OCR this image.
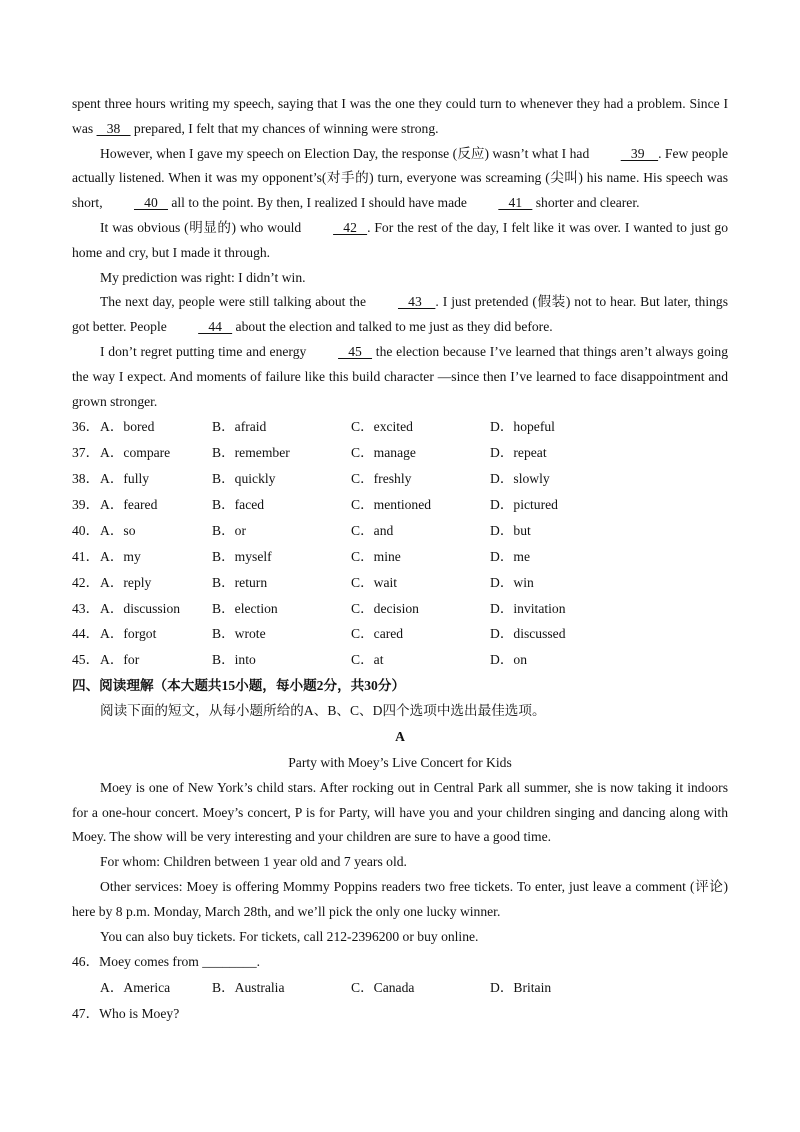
spent three hours writing my speech, saying that I was the one they could turn to whenever they had a problem. Since I was    38    prepared, I felt that my chances of winning were strong.

However, when I gave my speech on Election Day, the response (反应) wasn’t what I had    39    . Few people actually listened. When it was my opponent’s(对手的) turn, everyone was screaming (尖叫) his name. His speech was short,    40    all to the point. By then, I realized I should have made    41    shorter and clearer.

It was obvious (明显的) who would    42   . For the rest of the day, I felt like it was over. I wanted to just go home and cry, but I made it through.

My prediction was right: I didn’t win.

The next day, people were still talking about the    43    . I just pretended (假装) not to hear. But later, things got better. People    44    about the election and talked to me just as they did before.

I don’t regret putting time and energy    45    the election because I’ve learned that things aren’t always going the way I expect. And moments of failure like this build character —since then I’ve learned to face disappointment and grown stronger.

36． A．bored	B．afraid	C．excited	D．hopeful
37． A．compare	B．remember	C．manage	D．repeat
38． A．fully	B．quickly	C．freshly	D．slowly
39． A．feared	B．faced	C．mentioned	D．pictured
40． A．so	B．or	C．and	D．but
41． A．my	B．myself	C．mine	D．me
42． A．reply	B．return	C．wait	D．win
43． A．discussion	B．election	C．decision	D．invitation
44． A．forgot	B．wrote	C．cared	D．discussed
45． A．for	B．into	C．at	D．on
四、阅读理解（本大题共15小题，每小题2分，共30分）

阅读下面的短文，从每小题所给的A、B、C、D四个选项中选出最佳选项。

A
Party with Moey’s Live Concert for Kids

Moey is one of New York’s child stars. After rocking out in Central Park all summer, she is now taking it indoors for a one-hour concert. Moey’s concert, P is for Party, will have you and your children singing and dancing along with Moey. The show will be very interesting and your children are sure to have a good time.

For whom: Children between 1 year old and 7 years old.

Other services: Moey is offering Mommy Poppins readers two free tickets. To enter, just leave a comment (评论) here by 8 p.m. Monday, March 28th, and we’ll pick the only one lucky winner.

You can also buy tickets. For tickets, call 212-2396200 or buy online.

46．Moey comes from ________.
A．America	B．Australia	C．Canada	D．Britain
47．Who is Moey?
